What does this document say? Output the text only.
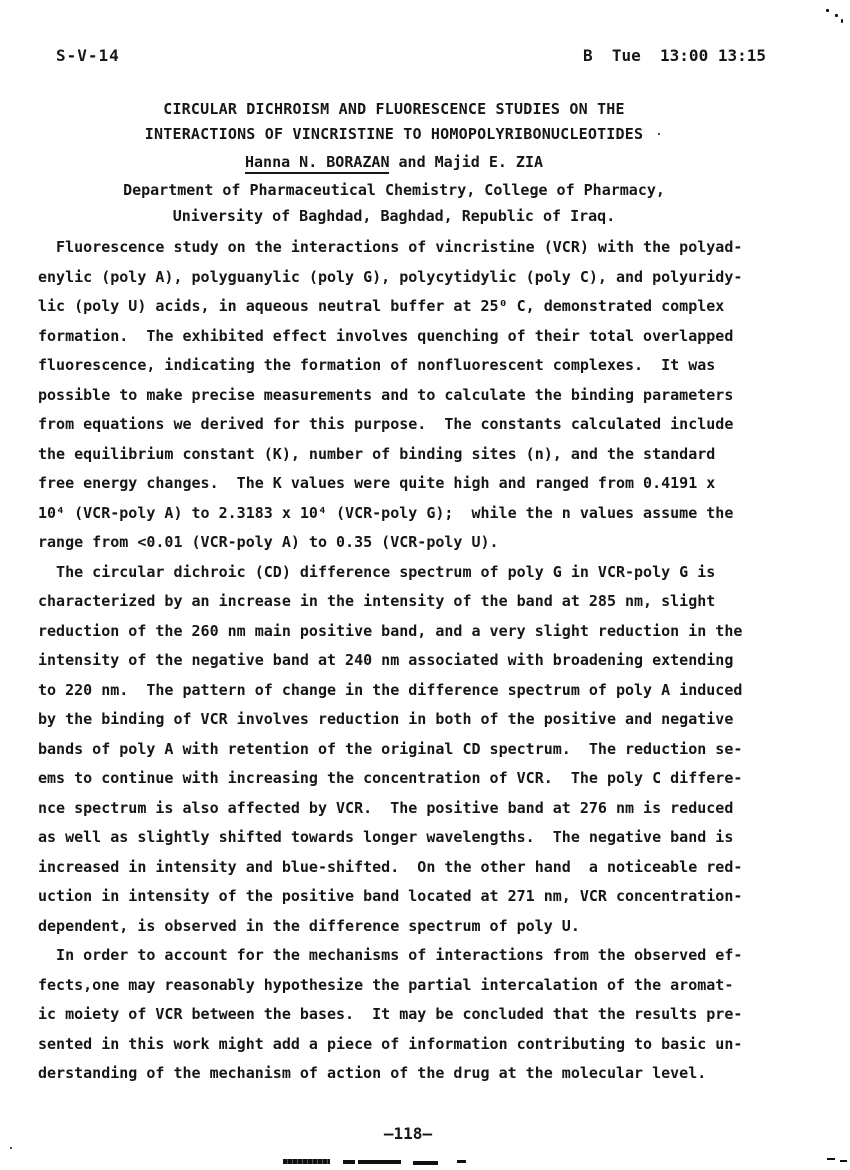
S-V-14	B  Tue  13:00 13:15
CIRCULAR DICHROISM AND FLUORESCENCE STUDIES ON THE
INTERACTIONS OF VINCRISTINE TO HOMOPOLYRIBONUCLEOTIDES
Hanna N. BORAZAN and Majid E. ZIA
Department of Pharmaceutical Chemistry, College of Pharmacy,
University of Baghdad, Baghdad, Republic of Iraq.
Fluorescence study on the interactions of vincristine (VCR) with the polyad-
enylic (poly A), polyguanylic (poly G), polycytidylic (poly C), and polyuridy-
lic (poly U) acids, in aqueous neutral buffer at 25⁰ C, demonstrated complex
formation.  The exhibited effect involves quenching of their total overlapped
fluorescence, indicating the formation of nonfluorescent complexes.  It was
possible to make precise measurements and to calculate the binding parameters
from equations we derived for this purpose.  The constants calculated include
the equilibrium constant (K), number of binding sites (n), and the standard
free energy changes.  The K values were quite high and ranged from 0.4191 x
10⁴ (VCR-poly A) to 2.3183 x 10⁴ (VCR-poly G);  while the n values assume the
range from <0.01 (VCR-poly A) to 0.35 (VCR-poly U).
The circular dichroic (CD) difference spectrum of poly G in VCR-poly G is
characterized by an increase in the intensity of the band at 285 nm, slight
reduction of the 260 nm main positive band, and a very slight reduction in the
intensity of the negative band at 240 nm associated with broadening extending
to 220 nm.  The pattern of change in the difference spectrum of poly A induced
by the binding of VCR involves reduction in both of the positive and negative
bands of poly A with retention of the original CD spectrum.  The reduction se-
ems to continue with increasing the concentration of VCR.  The poly C differe-
nce spectrum is also affected by VCR.  The positive band at 276 nm is reduced
as well as slightly shifted towards longer wavelengths.  The negative band is
increased in intensity and blue-shifted.  On the other hand  a noticeable red-
uction in intensity of the positive band located at 271 nm, VCR concentration-
dependent, is observed in the difference spectrum of poly U.
In order to account for the mechanisms of interactions from the observed ef-
fects,one may reasonably hypothesize the partial intercalation of the aromat-
ic moiety of VCR between the bases.  It may be concluded that the results pre-
sented in this work might add a piece of information contributing to basic un-
derstanding of the mechanism of action of the drug at the molecular level.
—118—
